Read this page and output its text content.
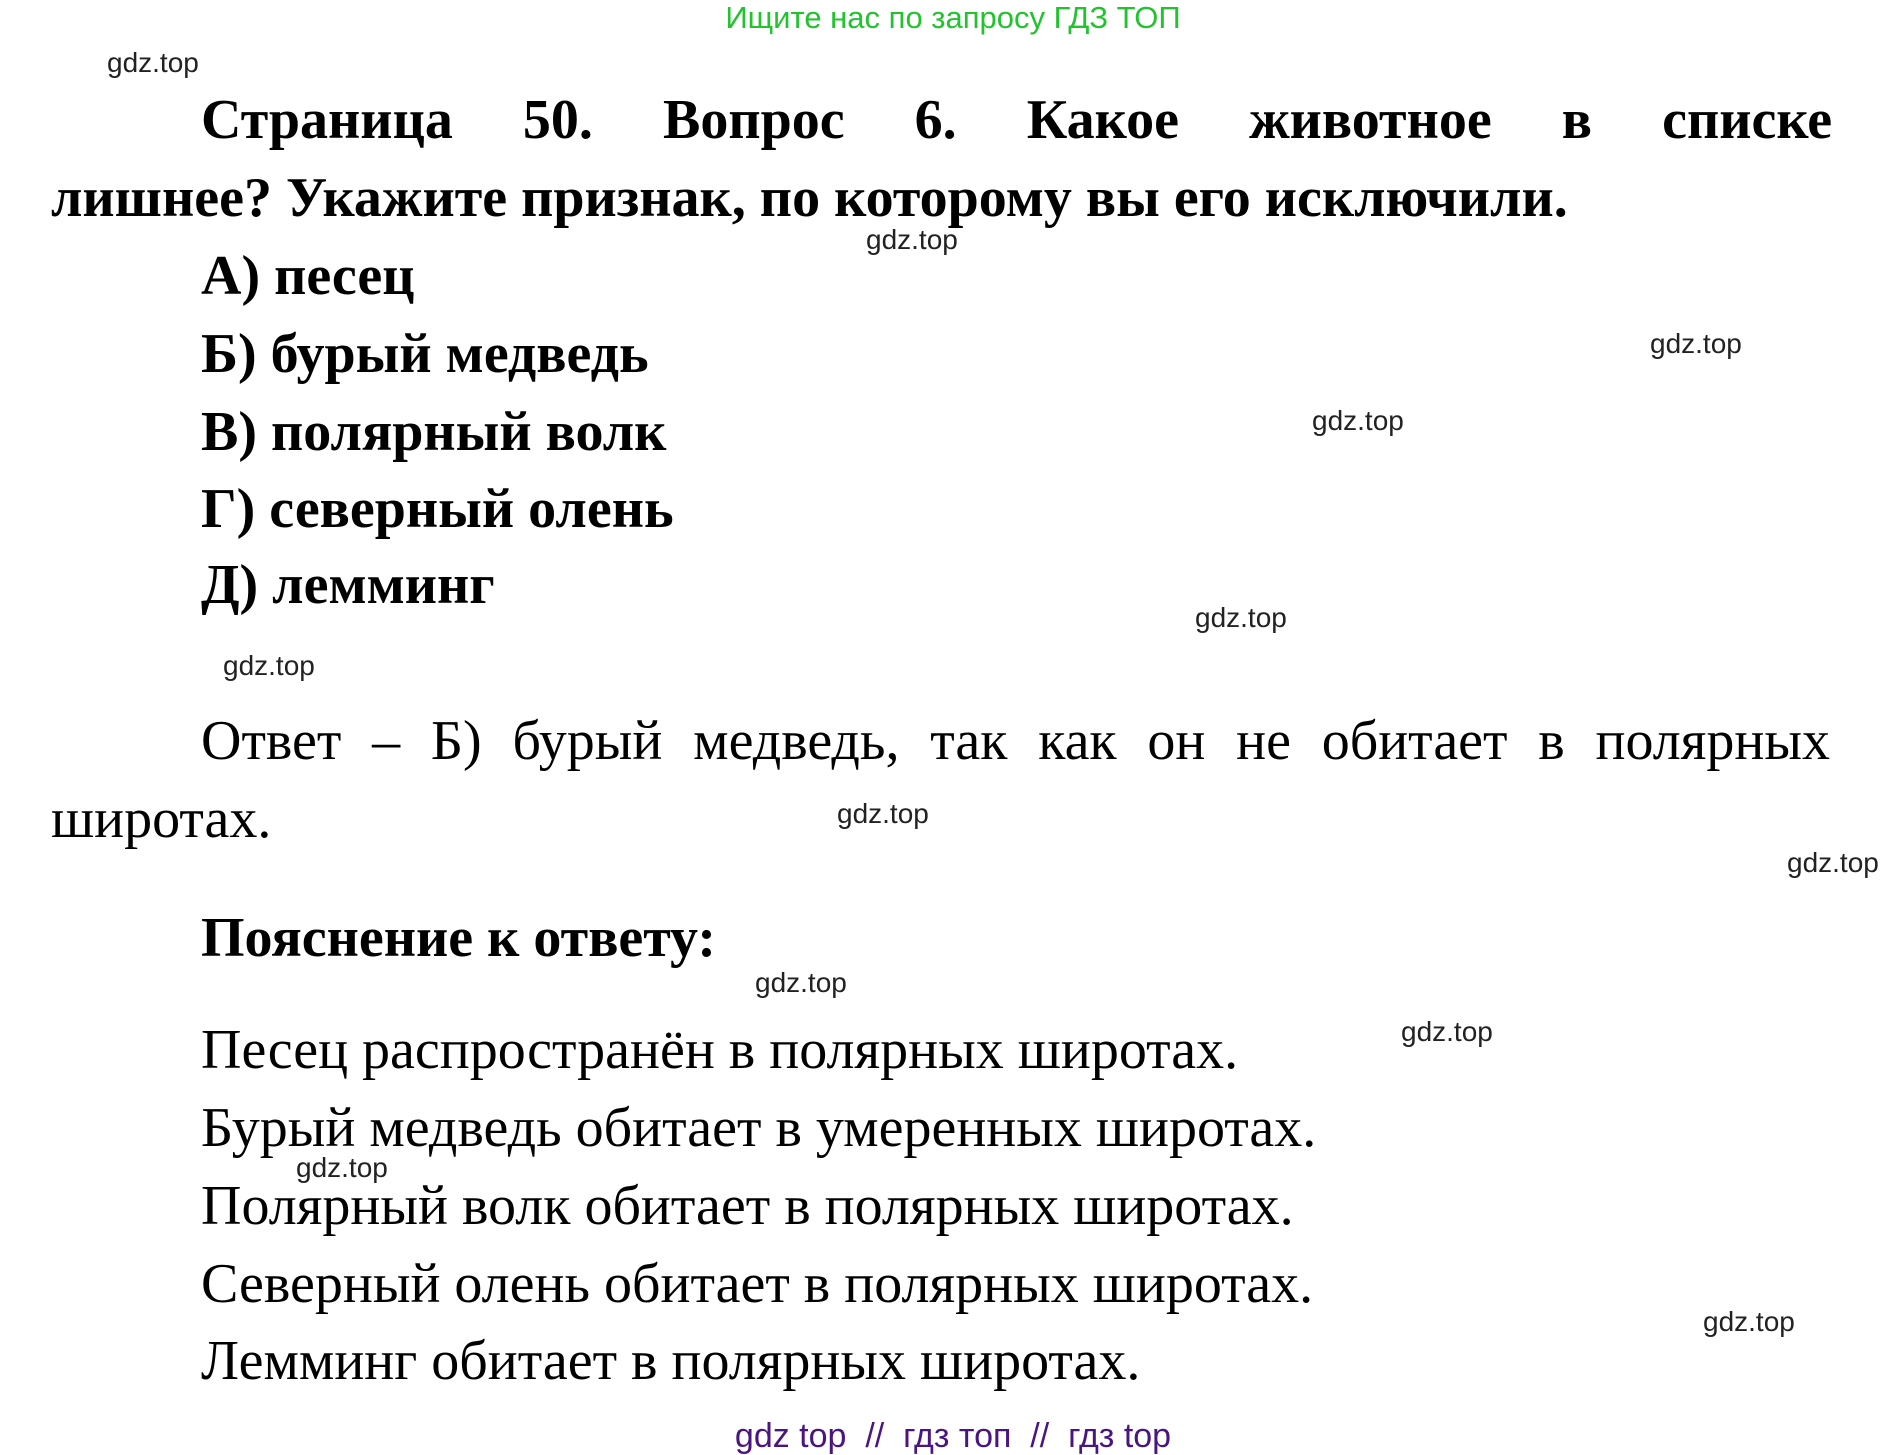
Ищите нас по запросу ГДЗ ТОП
Страница 50. Вопрос 6. Какое животное в списке
лишнее? Укажите признак, по которому вы его исключили.
А) песец
Б) бурый медведь
В) полярный волк
Г) северный олень
Д) лемминг
Ответ – Б) бурый медведь, так как он не обитает в полярных
широтах.
Пояснение к ответу:
Песец распространён в полярных широтах.
Бурый медведь обитает в умеренных широтах.
Полярный волк обитает в полярных широтах.
Северный олень обитает в полярных широтах.
Лемминг обитает в полярных широтах.
gdz.top
gdz.top
gdz.top
gdz.top
gdz.top
gdz.top
gdz.top
gdz.top
gdz.top
gdz.top
gdz.top
gdz.top
gdz top  //  гдз топ  //  гдз top
